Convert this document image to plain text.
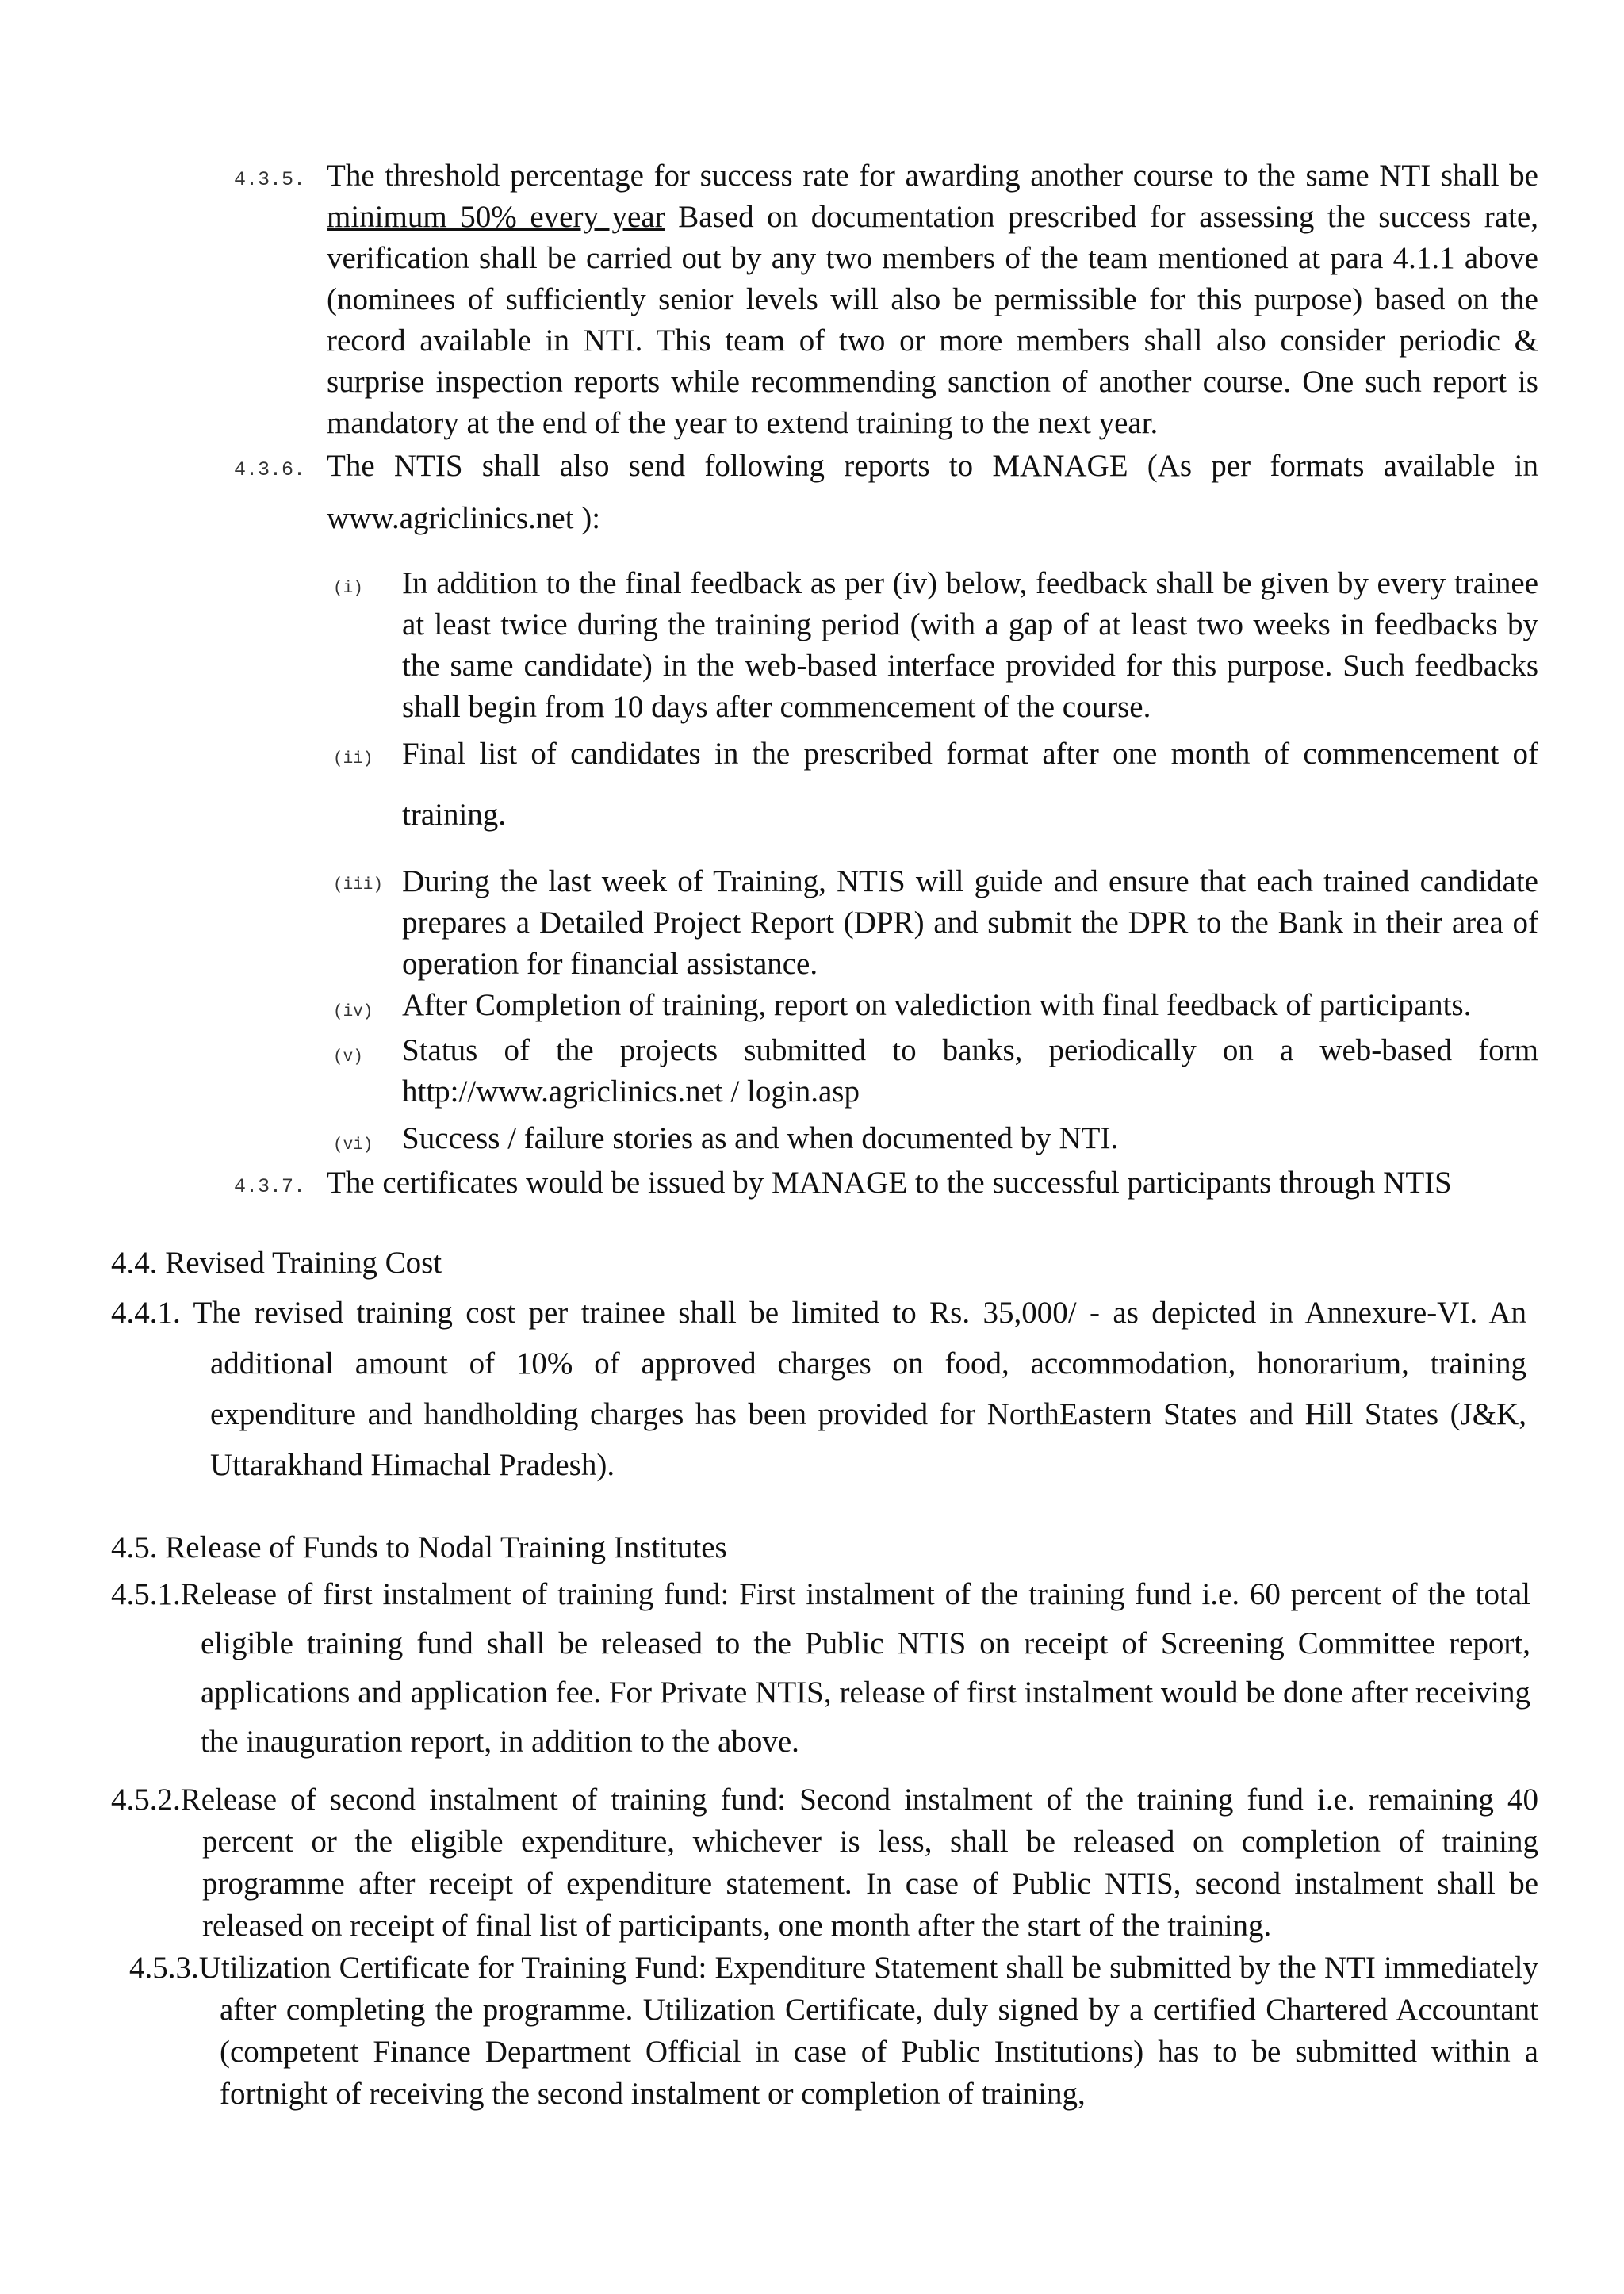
4.3.5. The threshold percentage for success rate for awarding another course to the same NTI shall be minimum 50% every year Based on documentation prescribed for assessing the success rate, verification shall be carried out by any two members of the team mentioned at para 4.1.1 above (nominees of sufficiently senior levels will also be permissible for this purpose) based on the record available in NTI. This team of two or more members shall also consider periodic & surprise inspection reports while recommending sanction of another course. One such report is mandatory at the end of the year to extend training to the next year.
4.3.6. The NTIS shall also send following reports to MANAGE (As per formats available in
www.agriclinics.net ):
(i) In addition to the final feedback as per (iv) below, feedback shall be given by every trainee at least twice during the training period (with a gap of at least two weeks in feedbacks by the same candidate) in the web-based interface provided for this purpose. Such feedbacks shall begin from 10 days after commencement of the course.
(ii) Final list of candidates in the prescribed format after one month of commencement of
training.
(iii) During the last week of Training, NTIS will guide and ensure that each trained candidate prepares a Detailed Project Report (DPR) and submit the DPR to the Bank in their area of operation for financial assistance.
(iv) After Completion of training, report on valediction with final feedback of participants.
(v) Status of the projects submitted to banks, periodically on a web-based form http://www.agriclinics.net / login.asp
(vi) Success / failure stories as and when documented by NTI.
4.3.7. The certificates would be issued by MANAGE to the successful participants through NTIS
4.4. Revised Training Cost
4.4.1. The revised training cost per trainee shall be limited to Rs. 35,000/ - as depicted in Annexure-VI. An additional amount of 10% of approved charges on food, accommodation, honorarium, training expenditure and handholding charges has been provided for NorthEastern States and Hill States (J&K, Uttarakhand Himachal Pradesh).
4.5. Release of Funds to Nodal Training Institutes
4.5.1.Release of first instalment of training fund: First instalment of the training fund i.e. 60 percent of the total eligible training fund shall be released to the Public NTIS on receipt of Screening Committee report, applications and application fee. For Private NTIS, release of first instalment would be done after receiving the inauguration report, in addition to the above.
4.5.2.Release of second instalment of training fund: Second instalment of the training fund i.e. remaining 40 percent or the eligible expenditure, whichever is less, shall be released on completion of training programme after receipt of expenditure statement. In case of Public NTIS, second instalment shall be released on receipt of final list of participants, one month after the start of the training.
4.5.3.Utilization Certificate for Training Fund: Expenditure Statement shall be submitted by the NTI immediately after completing the programme. Utilization Certificate, duly signed by a certified Chartered Accountant (competent Finance Department Official in case of Public Institutions) has to be submitted within a fortnight of receiving the second instalment or completion of training,
